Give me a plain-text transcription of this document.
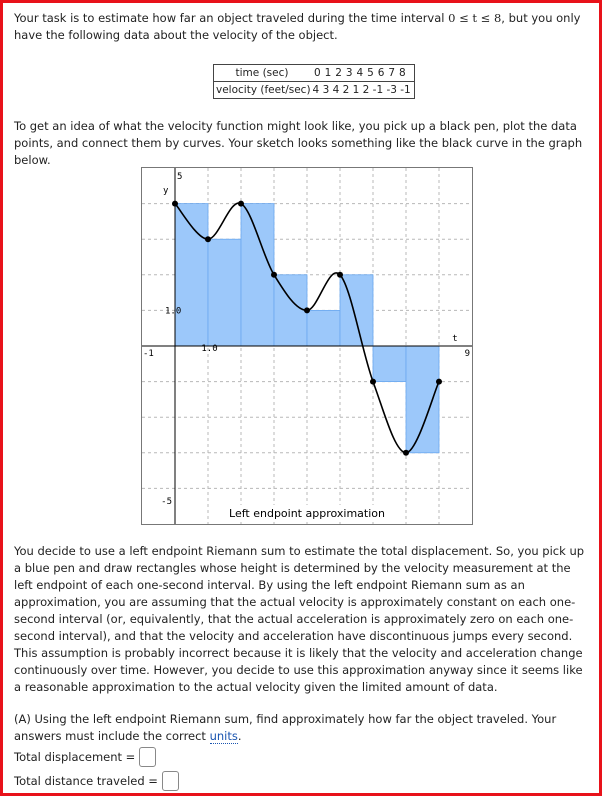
Your task is to estimate how far an object traveled during the time interval 0 ≤ t ≤ 8, but you only have the following data about the velocity of the object.
time (sec)	0 1 2 3 4 5 6 7 8
velocity (feet/sec) 4 3 4 2 1 2 -1 -3 -1
To get an idea of what the velocity function might look like, you pick up a black pen, plot the data points, and connect them by curves. Your sketch looks something like the black curve in the graph below.
y
5
-5
1.0
t
-1	9
1.0
Left endpoint approximation
You decide to use a left endpoint Riemann sum to estimate the total displacement. So, you pick up a blue pen and draw rectangles whose height is determined by the velocity measurement at the left endpoint of each one-second interval. By using the left endpoint Riemann sum as an approximation, you are assuming that the actual velocity is approximately constant on each one-second interval (or, equivalently, that the actual acceleration is approximately zero on each one-second interval), and that the velocity and acceleration have discontinuous jumps every second. This assumption is probably incorrect because it is likely that the velocity and acceleration change continuously over time. However, you decide to use this approximation anyway since it seems like a reasonable approximation to the actual velocity given the limited amount of data.
(A) Using the left endpoint Riemann sum, find approximately how far the object traveled. Your answers must include the correct units.
Total displacement =
Total distance traveled =
